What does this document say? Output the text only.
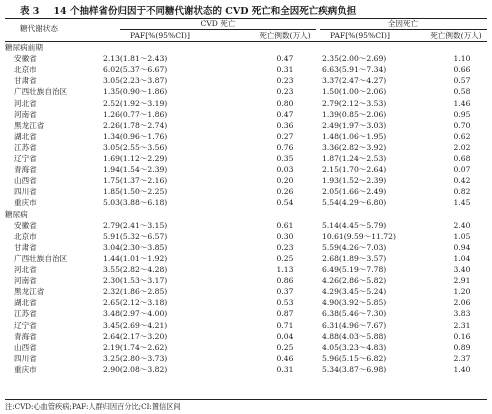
表 3 14 个抽样省份归因于不同糖代谢状态的 CVD 死亡和全因死亡疾病负担
糖代谢状态
CVD 死亡	全因死亡
PAF[%(95%CI)]	死亡例数(万人)	PAF[%(95%CI)]	死亡例数(万人)
糖尿病前期
安徽省	2.13(1.81～2.43)	0.47	2.35(2.00～2.69)	1.10
北京市	6.02(5.37～6.67)	0.31	6.63(5.91～7.34)	0.66
甘肃省	3.05(2.23～3.87)	0.23	3.37(2.47～4.27)	0.57
广西壮族自治区	1.35(0.90～1.86)	0.23	1.50(1.00～2.06)	0.58
河北省	2.52(1.92～3.19)	0.80	2.79(2.12～3.53)	1.46
河南省	1.26(0.77～1.86)	0.47	1.39(0.85～2.06)	0.95
黑龙江省	2.26(1.78～2.74)	0.36	2.49(1.97～3.03)	0.70
湖北省	1.34(0.96～1.76)	0.27	1.48(1.06～1.95)	0.62
江苏省	3.05(2.55～3.56)	0.76	3.36(2.82～3.92)	2.02
辽宁省	1.69(1.12～2.29)	0.35	1.87(1.24～2.53)	0.68
青海省	1.94(1.54～2.39)	0.03	2.15(1.70～2.64)	0.07
山西省	1.75(1.37～2.16)	0.20	1.93(1.52～2.39)	0.42
四川省	1.85(1.50～2.25)	0.26	2.05(1.66～2.49)	0.82
重庆市	5.03(3.88～6.18)	0.54	5.54(4.29～6.80)	1.45
糖尿病
安徽省	2.79(2.41～3.15)	0.61	5.14(4.45～5.79)	2.40
北京市	5.91(5.32～6.57)	0.30	10.61(9.59～11.72)	1.05
甘肃省	3.04(2.30～3.85)	0.23	5.59(4.26～7.03)	0.94
广西壮族自治区	1.44(1.01～1.92)	0.25	2.68(1.89～3.57)	1.04
河北省	3.55(2.82～4.28)	1.13	6.49(5.19～7.78)	3.40
河南省	2.30(1.53～3.17)	0.86	4.26(2.86～5.82)	2.91
黑龙江省	2.32(1.86～2.85)	0.37	4.29(3.45～5.24)	1.20
湖北省	2.65(2.12～3.18)	0.53	4.90(3.92～5.85)	2.06
江苏省	3.48(2.97～4.00)	0.87	6.38(5.46～7.30)	3.83
辽宁省	3.45(2.69～4.21)	0.71	6.31(4.96～7.67)	2.31
青海省	2.64(2.17～3.20)	0.04	4.88(4.03～5.88)	0.16
山西省	2.19(1.74～2.62)	0.25	4.05(3.23～4.83)	0.89
四川省	3.25(2.80～3.73)	0.46	5.96(5.15～6.82)	2.37
重庆市	2.90(2.08～3.82)	0.31	5.34(3.87～6.98)	1.40
注:CVD:心血管疾病;PAF:人群归因百分比;CI:置信区间
